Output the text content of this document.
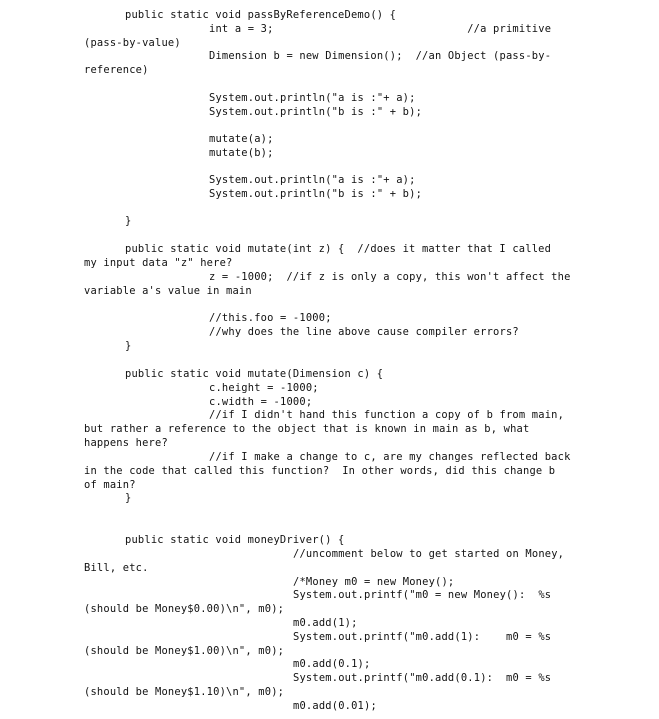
public static void passByReferenceDemo() {
int a = 3;                              //a primitive
(pass-by-value)
Dimension b = new Dimension();  //an Object (pass-by-
reference)
System.out.println("a is :"+ a);
System.out.println("b is :" + b);
mutate(a);
mutate(b);
System.out.println("a is :"+ a);
System.out.println("b is :" + b);
}
public static void mutate(int z) {  //does it matter that I called
my input data "z" here?
z = -1000;  //if z is only a copy, this won't affect the
variable a's value in main
//this.foo = -1000;
//why does the line above cause compiler errors?
}
public static void mutate(Dimension c) {
c.height = -1000;
c.width = -1000;
//if I didn't hand this function a copy of b from main,
but rather a reference to the object that is known in main as b, what
happens here?
//if I make a change to c, are my changes reflected back
in the code that called this function?  In other words, did this change b
of main?
}
public static void moneyDriver() {
//uncomment below to get started on Money,
Bill, etc.
/*Money m0 = new Money();
System.out.printf("m0 = new Money():  %s
(should be Money$0.00)\n", m0);
m0.add(1);
System.out.printf("m0.add(1):    m0 = %s
(should be Money$1.00)\n", m0);
m0.add(0.1);
System.out.printf("m0.add(0.1):  m0 = %s
(should be Money$1.10)\n", m0);
m0.add(0.01);
